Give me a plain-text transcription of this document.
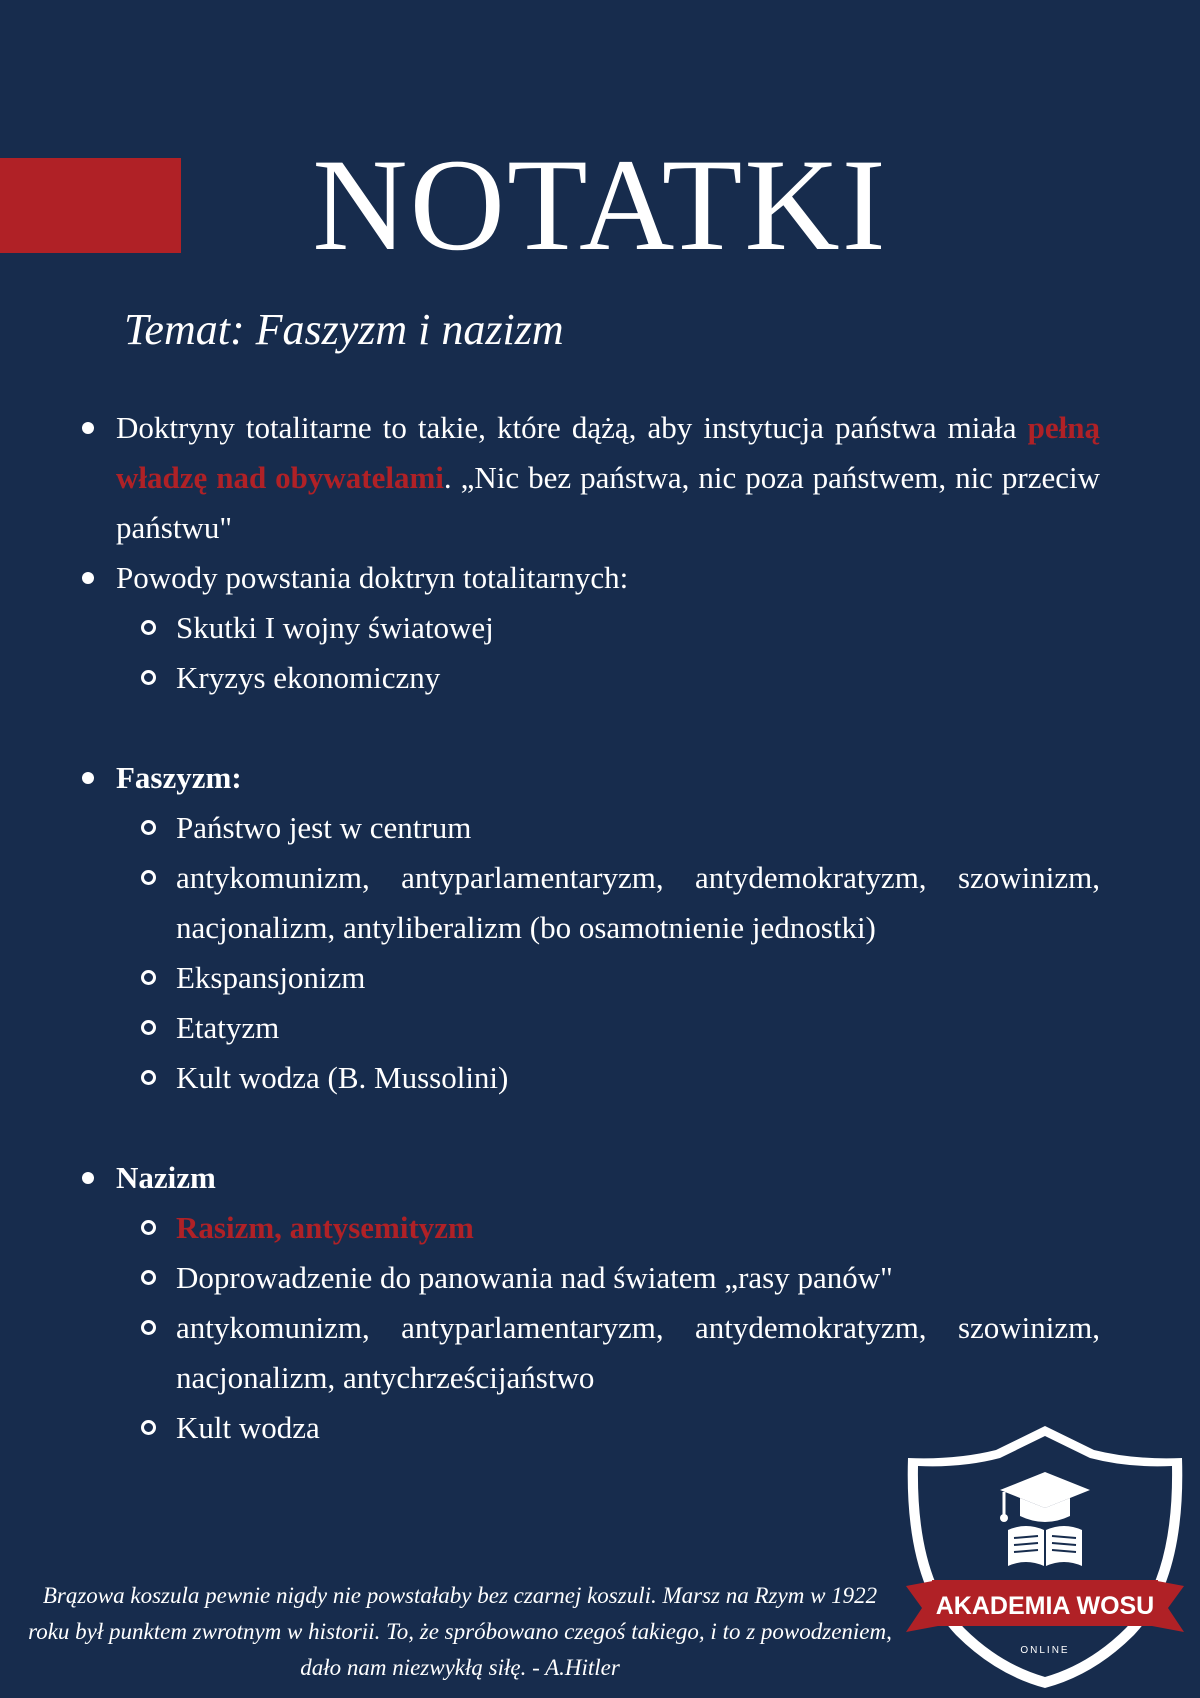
NOTATKI
Temat: Faszyzm i nazizm
Doktryny totalitarne to takie, które dążą, aby instytucja państwa miała pełną władzę nad obywatelami. „Nic bez państwa, nic poza państwem, nic przeciw państwu"
Powody powstania doktryn totalitarnych:
Skutki I wojny światowej
Kryzys ekonomiczny
Faszyzm:
Państwo jest w centrum
antykomunizm, antyparlamentaryzm, antydemokratyzm, szowinizm, nacjonalizm, antyliberalizm (bo osamotnienie jednostki)
Ekspansjonizm
Etatyzm
Kult wodza (B. Mussolini)
Nazizm
Rasizm, antysemityzm
Doprowadzenie do panowania nad światem „rasy panów"
antykomunizm, antyparlamentaryzm, antydemokratyzm, szowinizm, nacjonalizm, antychrześcijaństwo
Kult wodza

Brązowa koszula pewnie nigdy nie powstałaby bez czarnej koszuli. Marsz na Rzym w 1922 roku był punktem zwrotnym w historii. To, że spróbowano czegoś takiego, i to z powodzeniem, dało nam niezwykłą siłę. - A.Hitler

AKADEMIA WOSU
ONLINE
